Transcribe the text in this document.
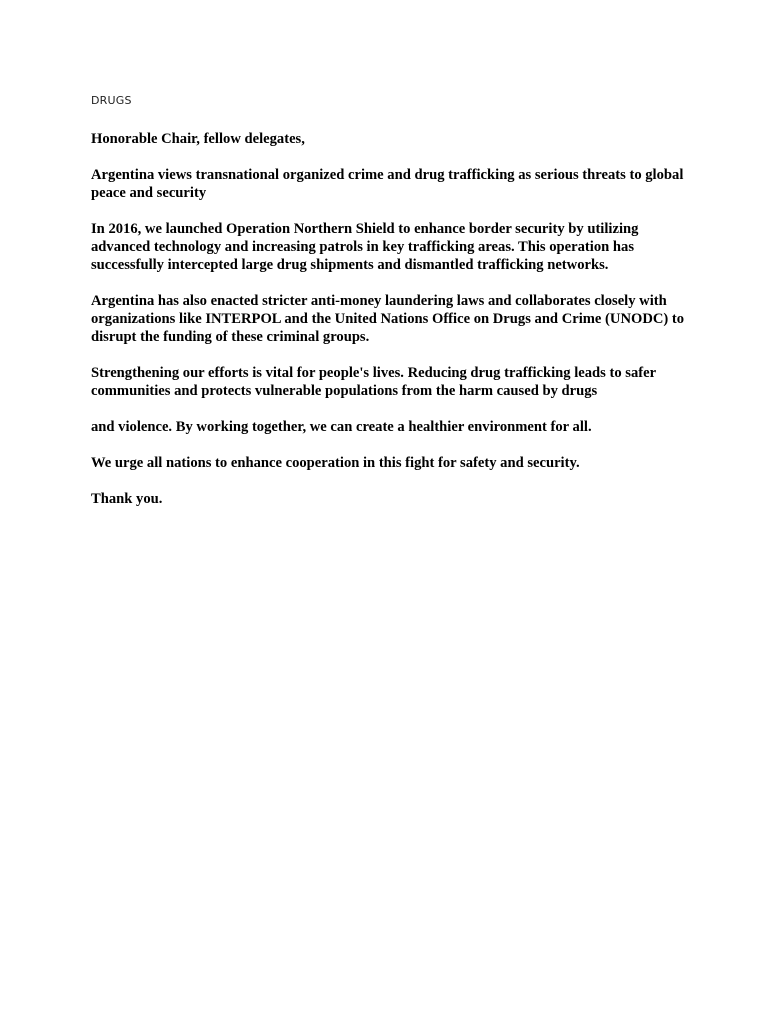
DRUGS

Honorable Chair, fellow delegates,

Argentina views transnational organized crime and drug trafficking as serious threats to global peace and security

In 2016, we launched Operation Northern Shield to enhance border security by utilizing advanced technology and increasing patrols in key trafficking areas. This operation has successfully intercepted large drug shipments and dismantled trafficking networks.

Argentina has also enacted stricter anti-money laundering laws and collaborates closely with organizations like INTERPOL and the United Nations Office on Drugs and Crime (UNODC) to disrupt the funding of these criminal groups.

Strengthening our efforts is vital for people's lives. Reducing drug trafficking leads to safer communities and protects vulnerable populations from the harm caused by drugs

and violence. By working together, we can create a healthier environment for all.

We urge all nations to enhance cooperation in this fight for safety and security.

Thank you.
